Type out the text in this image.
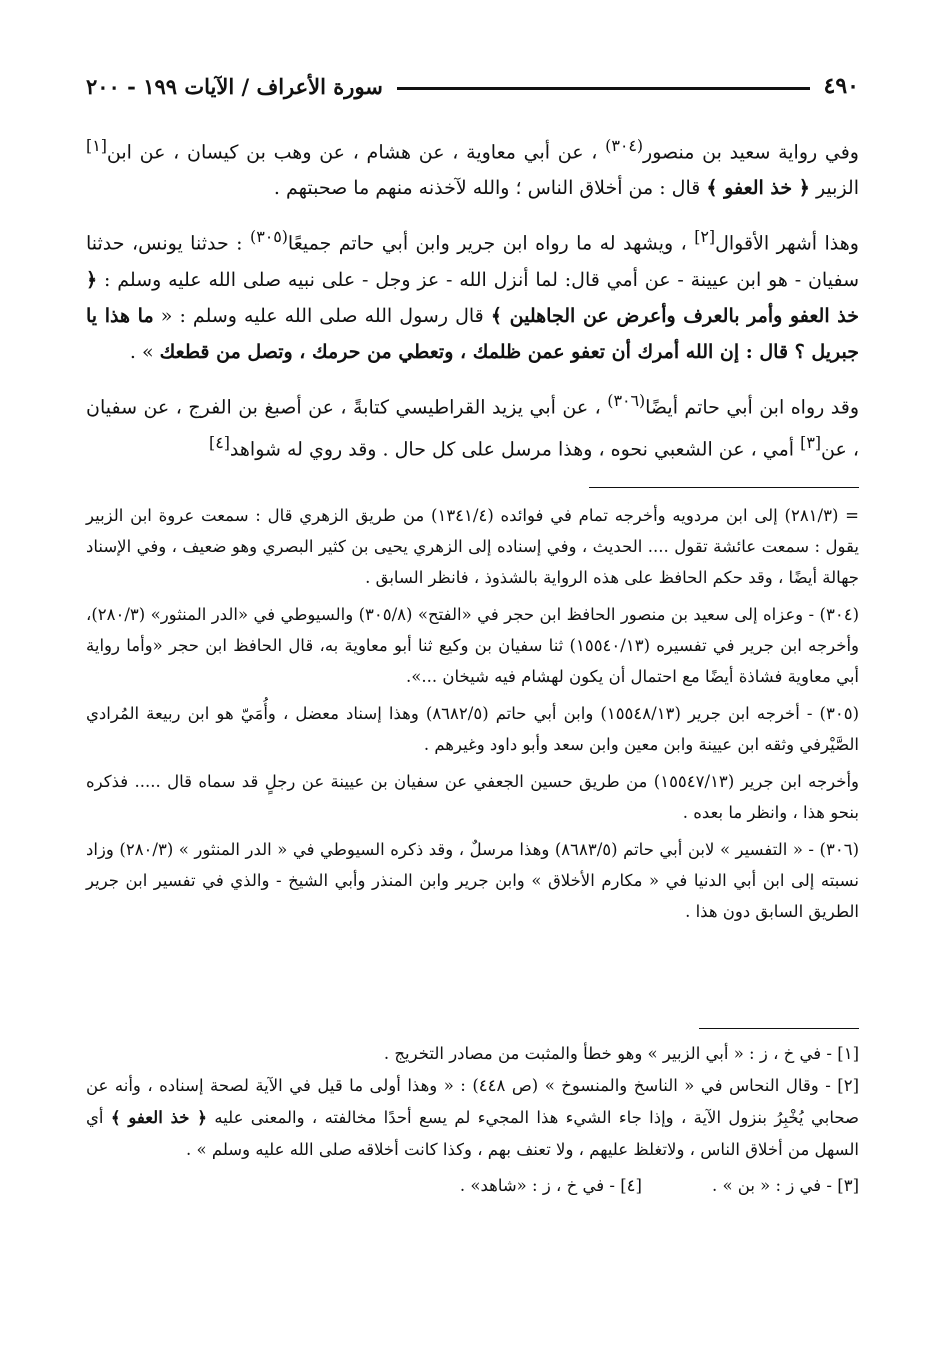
٤٩٠
سورة الأعراف / الآيات ١٩٩ - ٢٠٠

وفي رواية سعيد بن منصور$^{(٣٠٤)}$ ، عن أبي معاوية ، عن هشام ، عن وهب بن كيسان ، عن ابن[١] الزبير ﴿ خذ العفو ﴾ قال : من أخلاق الناس ؛ والله لآخذنه منهم ما صحبتهم .

وهذا أشهر الأقوال[٢] ، ويشهد له ما رواه ابن جرير وابن أبي حاتم جميعًا$^{(٣٠٥)}$ : حدثنا يونس، حدثنا سفيان - هو ابن عيينة - عن أمي قال: لما أنزل الله - عز وجل - على نبيه صلى الله عليه وسلم : ﴿ خذ العفو وأمر بالعرف وأعرض عن الجاهلين ﴾ قال رسول الله صلى الله عليه وسلم : « ما هذا يا جبريل ؟ قال : إن الله أمرك أن تعفو عمن ظلمك ، وتعطي من حرمك ، وتصل من قطعك » .

وقد رواه ابن أبي حاتم أيضًا$^{(٣٠٦)}$ ، عن أبي يزيد القراطيسي كتابةً ، عن أصبغ بن الفرج ، عن سفيان ، عن[٣] أمي ، عن الشعبي نحوه ، وهذا مرسل على كل حال . وقد روي له شواهد[٤]

= (٢٨١/٣) إلى ابن مردويه وأخرجه تمام في فوائده (١٣٤١/٤) من طريق الزهري قال : سمعت عروة ابن الزبير يقول : سمعت عائشة تقول .... الحديث ، وفي إسناده إلى الزهري يحيى بن كثير البصري وهو ضعيف ، وفي الإسناد جهالة أيضًا ، وقد حكم الحافظ على هذه الرواية بالشذوذ ، فانظر السابق .

(٣٠٤) - وعزاه إلى سعيد بن منصور الحافظ ابن حجر في «الفتح» (٣٠٥/٨) والسيوطي في «الدر المنثور» (٢٨٠/٣)، وأخرجه ابن جرير في تفسيره (١٥٥٤٠/١٣) ثنا سفيان بن وكيع ثنا أبو معاوية به، قال الحافظ ابن حجر «وأما رواية أبي معاوية فشاذة أيضًا مع احتمال أن يكون لهشام فيه شيخان ...».

(٣٠٥) - أخرجه ابن جرير (١٥٥٤٨/١٣) وابن أبي حاتم (٨٦٨٢/٥) وهذا إسناد معضل ، وأُمَيّ هو ابن ربيعة المُرادي الصَّيْرفي وثقه ابن عيينة وابن معين وابن سعد وأبو داود وغيرهم .

وأخرجه ابن جرير (١٥٥٤٧/١٣) من طريق حسين الجعفي عن سفيان بن عيينة عن رجلٍ قد سماه قال ..... فذكره بنحو هذا ، وانظر ما بعده .

(٣٠٦) - « التفسير » لابن أبي حاتم (٨٦٨٣/٥) وهذا مرسلٌ ، وقد ذكره السيوطي في « الدر المنثور » (٢٨٠/٣) وزاد نسبته إلى ابن أبي الدنيا في « مكارم الأخلاق » وابن جرير وابن المنذر وأبي الشيخ - والذي في تفسير ابن جرير الطريق السابق دون هذا .

[١] - في خ ، ز : « أبي الزبير » وهو خطأ والمثبت من مصادر التخريج .

[٢] - وقال النحاس في « الناسخ والمنسوخ » (ص ٤٤٨) : « وهذا أولى ما قيل في الآية لصحة إسناده ، وأنه عن صحابي يُخْبِرُ بنزول الآية ، وإذا جاء الشيء هذا المجيء لم يسع أحدًا مخالفته ، والمعنى عليه ﴿ خذ العفو ﴾ أي السهل من أخلاق الناس ، ولاتغلظ عليهم ، ولا تعنف بهم ، وكذا كانت أخلاقه صلى الله عليه وسلم » .

[٣] - في ز : « بن » .
[٤] - في خ ، ز : «شاهد» .
